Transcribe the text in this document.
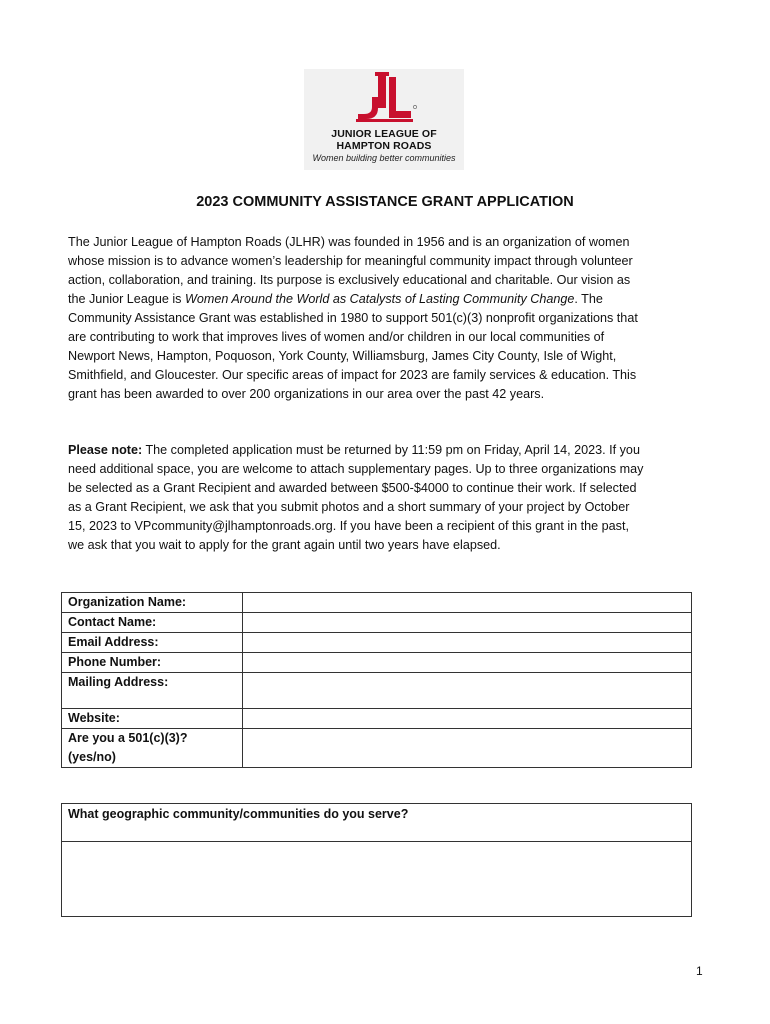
JUNIOR LEAGUE OF
HAMPTON ROADS
Women building better communities
2023 COMMUNITY ASSISTANCE GRANT APPLICATION

The Junior League of Hampton Roads (JLHR) was founded in 1956 and is an organization of women
whose mission is to advance women’s leadership for meaningful community impact through volunteer
action, collaboration, and training. Its purpose is exclusively educational and charitable. Our vision as
the Junior League is Women Around the World as Catalysts of Lasting Community Change. The
Community Assistance Grant was established in 1980 to support 501(c)(3) nonprofit organizations that
are contributing to work that improves lives of women and/or children in our local communities of
Newport News, Hampton, Poquoson, York County, Williamsburg, James City County, Isle of Wight,
Smithfield, and Gloucester. Our specific areas of impact for 2023 are family services & education. This
grant has been awarded to over 200 organizations in our area over the past 42 years.

Please note: The completed application must be returned by 11:59 pm on Friday, April 14, 2023. If you
need additional space, you are welcome to attach supplementary pages. Up to three organizations may
be selected as a Grant Recipient and awarded between $500-$4000 to continue their work. If selected
as a Grant Recipient, we ask that you submit photos and a short summary of your project by October
15, 2023 to VPcommunity@jlhamptonroads.org. If you have been a recipient of this grant in the past,
we ask that you wait to apply for the grant again until two years have elapsed.

Organization Name:	
Contact Name:	
Email Address:	
Phone Number:	
Mailing Address:	
Website:	
Are you a 501(c)(3)?
(yes/no)	
What geographic community/communities do you serve?
1
